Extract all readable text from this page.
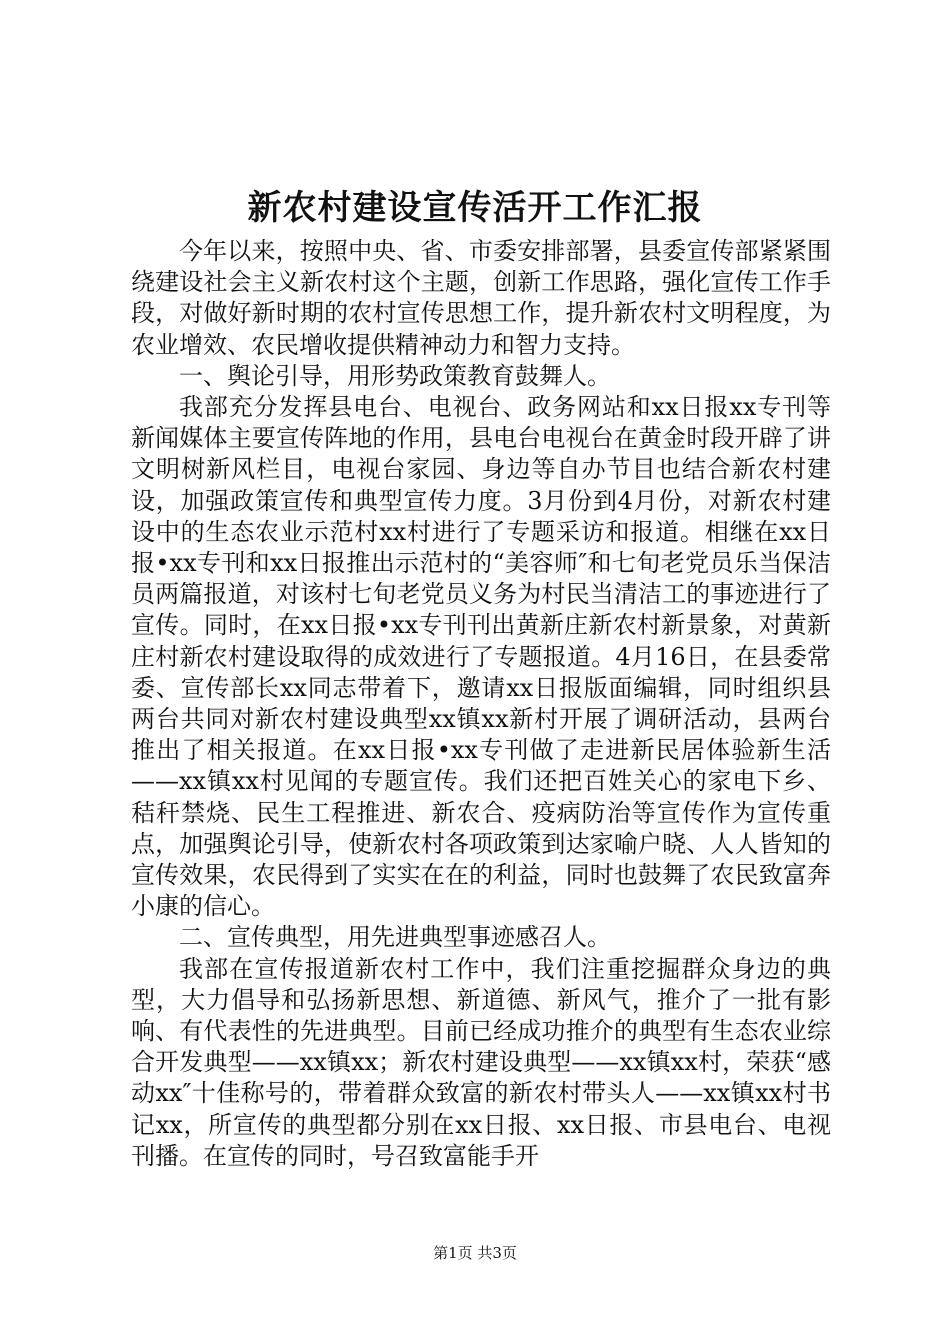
新农村建设宣传活开工作汇报

今年以来，按照中央、省、市委安排部署，县委宣传部紧紧围绕建设社会主义新农村这个主题，创新工作思路，强化宣传工作手段，对做好新时期的农村宣传思想工作，提升新农村文明程度，为农业增效、农民增收提供精神动力和智力支持。

一、舆论引导，用形势政策教育鼓舞人。

我部充分发挥县电台、电视台、政务网站和xx日报xx专刊等新闻媒体主要宣传阵地的作用，县电台电视台在黄金时段开辟了讲文明树新风栏目，电视台家园、身边等自办节目也结合新农村建设，加强政策宣传和典型宣传力度。3月份到4月份，对新农村建设中的生态农业示范村xx村进行了专题采访和报道。相继在xx日报•xx专刊和xx日报推出示范村的“美容师″和七旬老党员乐当保洁员两篇报道，对该村七旬老党员义务为村民当清洁工的事迹进行了宣传。同时，在xx日报•xx专刊刊出黄新庄新农村新景象，对黄新庄村新农村建设取得的成效进行了专题报道。4月16日，在县委常委、宣传部长xx同志带着下，邀请xx日报版面编辑，同时组织县两台共同对新农村建设典型xx镇xx新村开展了调研活动，县两台推出了相关报道。在xx日报•xx专刊做了走进新民居体验新生活——xx镇xx村见闻的专题宣传。我们还把百姓关心的家电下乡、秸秆禁烧、民生工程推进、新农合、疫病防治等宣传作为宣传重点，加强舆论引导，使新农村各项政策到达家喻户晓、人人皆知的宣传效果，农民得到了实实在在的利益，同时也鼓舞了农民致富奔小康的信心。

二、宣传典型，用先进典型事迹感召人。

我部在宣传报道新农村工作中，我们注重挖掘群众身边的典型，大力倡导和弘扬新思想、新道德、新风气，推介了一批有影响、有代表性的先进典型。目前已经成功推介的典型有生态农业综合开发典型——xx镇xx；新农村建设典型——xx镇xx村，荣获“感动xx″十佳称号的，带着群众致富的新农村带头人——xx镇xx村书记xx，所宣传的典型都分别在xx日报、xx日报、市县电台、电视刊播。在宣传的同时，号召致富能手开

第1页 共3页
